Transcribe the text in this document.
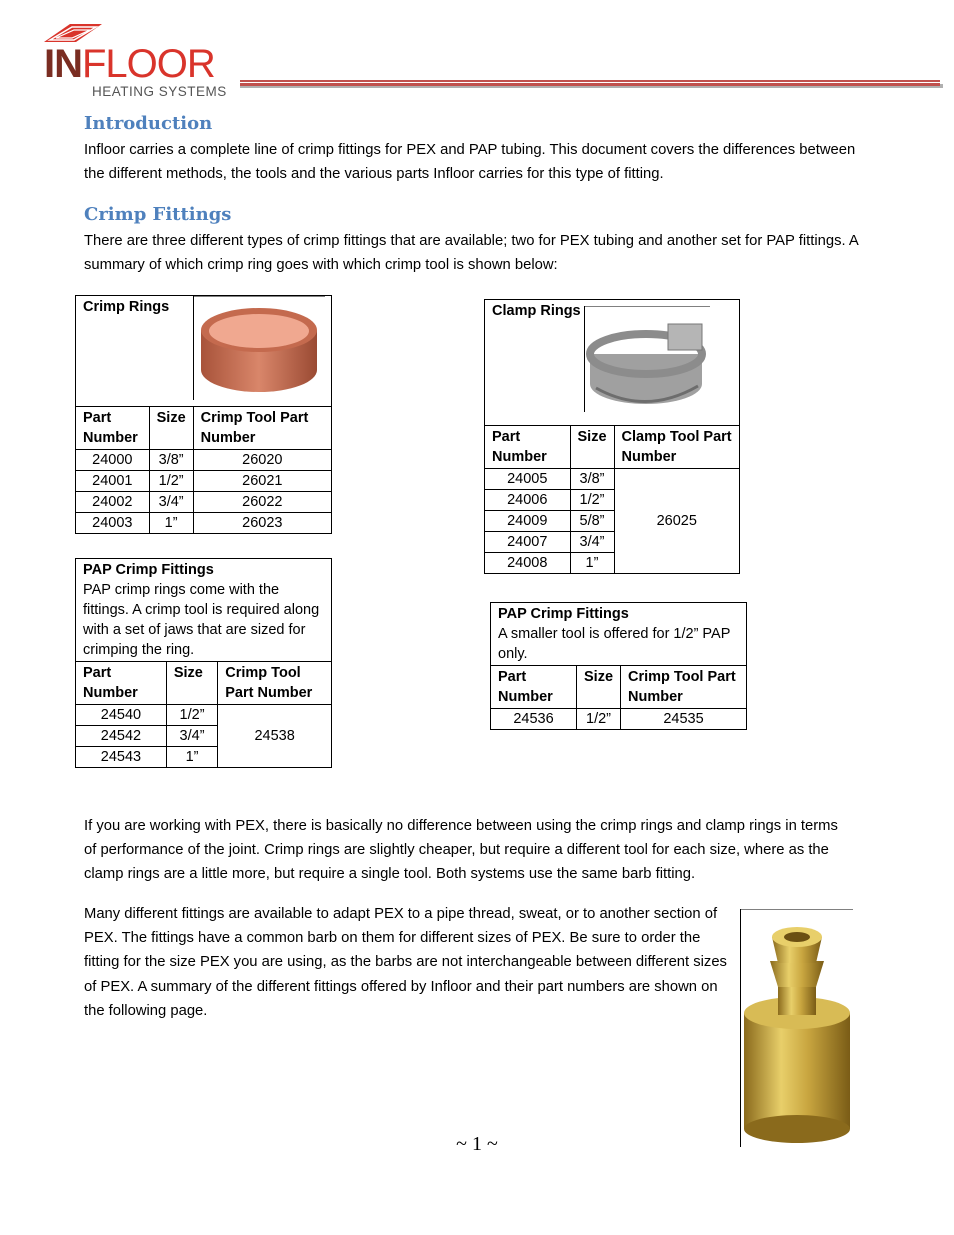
INFLOOR
HEATING SYSTEMS
Introduction

Infloor carries a complete line of crimp fittings for PEX and PAP tubing. This document covers the differences between the different methods, the tools and the various parts Infloor carries for this type of fitting.

Crimp Fittings

There are three different types of crimp fittings that are available; two for PEX tubing and another set for PAP fittings. A summary of which crimp ring goes with which crimp tool is shown below:

Crimp Rings	
Part Number	Size	Crimp Tool Part Number
24000	3/8”	26020
24001	1/2”	26021
24002	3/4”	26022
24003	1”	26023
Clamp Rings	

Part Number	Size	Clamp Tool Part Number
24005	3/8”	26025
24006	1/2”	
24009	5/8”	
24007	3/4”	
24008	1”	
PAP Crimp Fittings
PAP crimp rings come with the fittings. A crimp tool is required along with a set of jaws that are sized for crimping the ring.		

Part Number	Size	Crimp Tool Part Number
24540	1/2”	24538
24542	3/4”	
24543	1”	
PAP Crimp Fittings
A smaller tool is offered for 1/2” PAP only.		

Part Number	Size	Crimp Tool Part Number
24536	1/2”	24535

If you are working with PEX, there is basically no difference between using the crimp rings and clamp rings in terms of performance of the joint. Crimp rings are slightly cheaper, but require a different tool for each size, where as the clamp rings are a little more, but require a single tool. Both systems use the same barb fitting.

Many different fittings are available to adapt PEX to a pipe thread, sweat, or to another section of PEX. The fittings have a common barb on them for different sizes of PEX. Be sure to order the fitting for the size PEX you are using, as the barbs are not interchangeable between different sizes of PEX. A summary of the different fittings offered by Infloor and their part numbers are shown on the following page.

~ 1 ~
